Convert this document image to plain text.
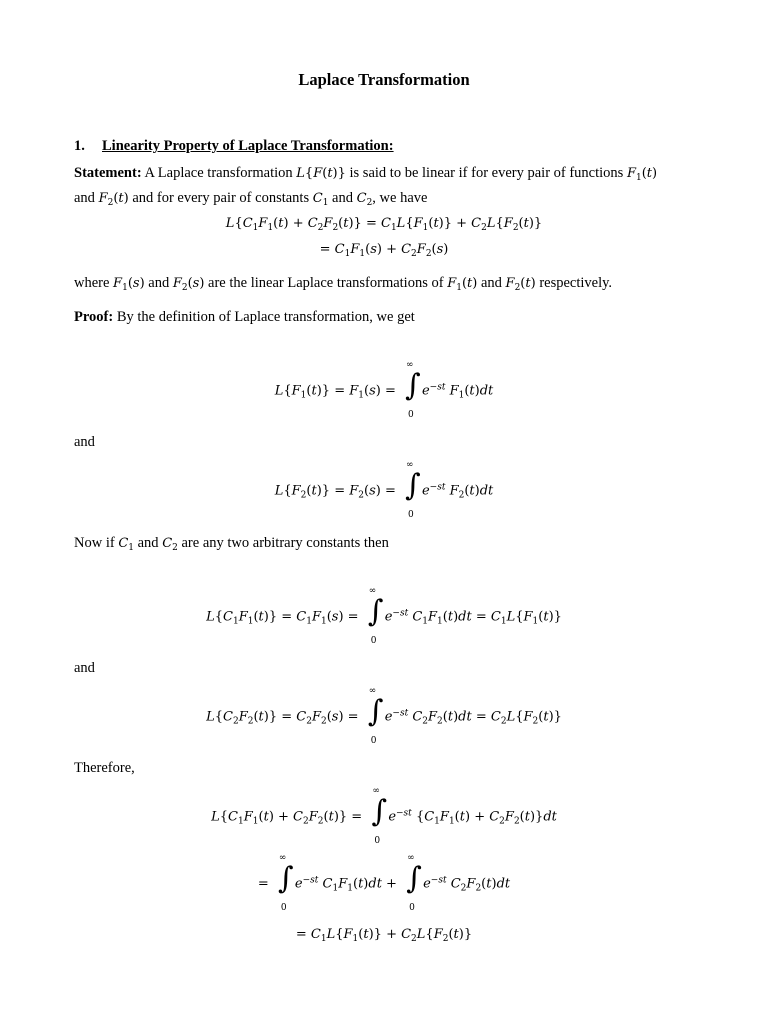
Laplace Transformation
1. Linearity Property of Laplace Transformation:
Statement: A Laplace transformation L{F(t)} is said to be linear if for every pair of functions $F_1(t)$
and $F_2(t)$ and for every pair of constants $C_1$ and $C_2$, we have
$L\{C_1F_1(t) + C_2F_2(t)\} = C_1L\{F_1(t)\} + C_2L\{F_2(t)\}$
= $C_1F_1(s) + C_2F_2(s)$
where $F_1(s)$ and $F_2(s)$ are the linear Laplace transformations of $F_1(t)$ and $F_2(t)$ respectively.
Proof: By the definition of Laplace transformation, we get
$L\{F_1(t)\} = F_1(s)$ = ∫
∞
0
$e^{-st}$ $F_1(t)dt$
and
$L\{F_2(t)\} = F_2(s)$ = ∫
∞
0
$e^{-st}$ $F_2(t)dt$
Now if $C_1$ and $C_2$ are any two arbitrary constants then
$L\{C_1F_1(t)\} = C_1F_1(s)$ = ∫
∞
0
$e^{-st}$ $C_1F_1(t)dt = C_1L\{F_1(t)\}$
and
$L\{C_2F_2(t)\} = C_2F_2(s)$ = ∫
∞
0
$e^{-st}$ $C_2F_2(t)dt = C_2L\{F_2(t)\}$
Therefore,
$L\{C_1F_1(t) + C_2F_2(t)\}$ = ∫
∞
0
$e^{-st}$ $\{C_1F_1(t) + C_2F_2(t)\}dt$
= ∫
∞
0
$e^{-st}$ $C_1F_1(t)dt$ + ∫
∞
0
$e^{-st}$ $C_2F_2(t)dt$
= $C_1L\{F_1(t)\} + C_2L\{F_2(t)\}$
